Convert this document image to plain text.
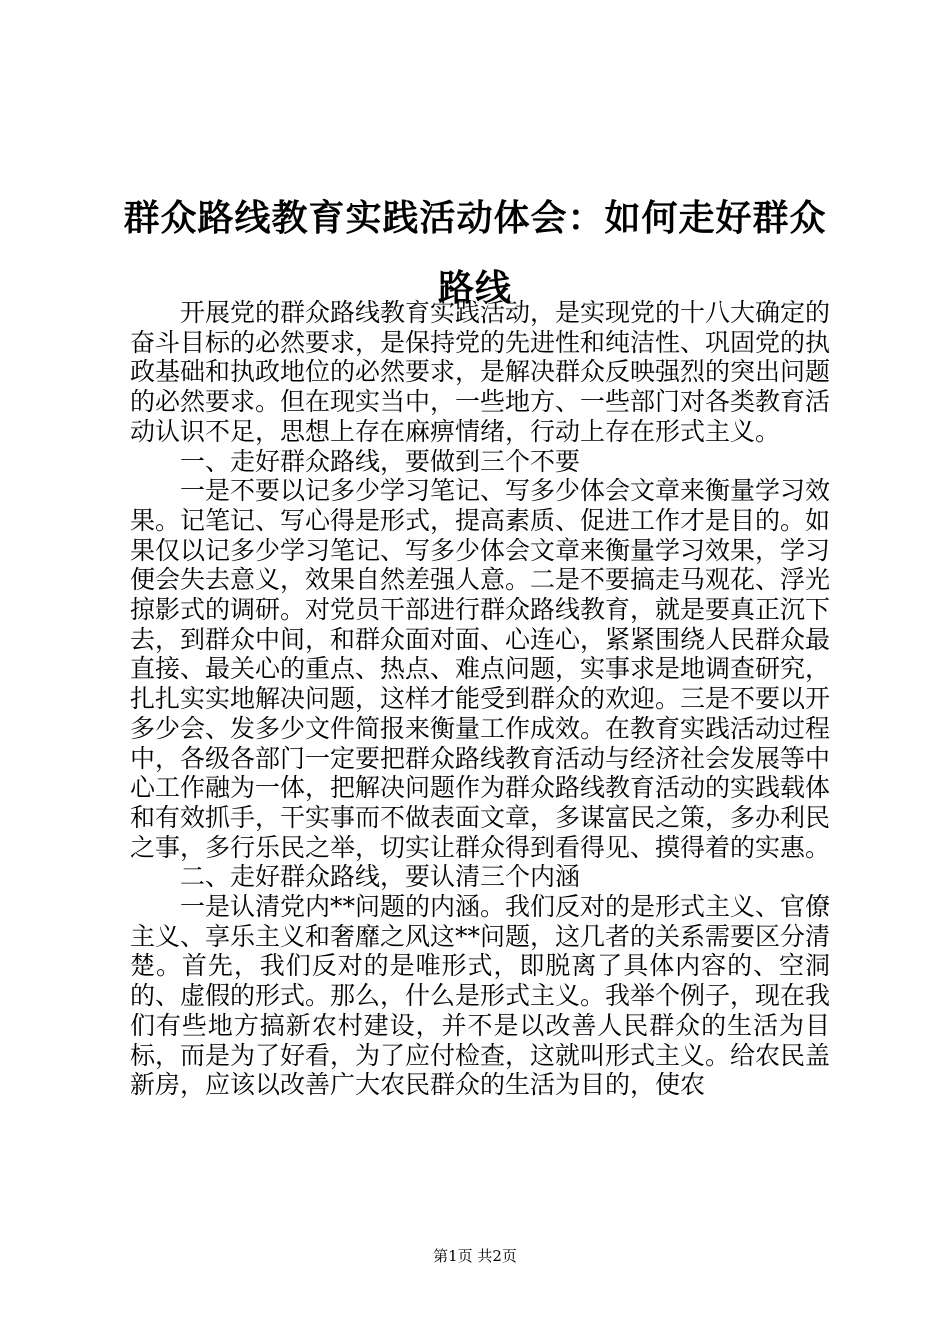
群众路线教育实践活动体会：如何走好群众路线

开展党的群众路线教育实践活动，是实现党的十八大确定的奋斗目标的必然要求，是保持党的先进性和纯洁性、巩固党的执政基础和执政地位的必然要求，是解决群众反映强烈的突出问题的必然要求。但在现实当中，一些地方、一些部门对各类教育活动认识不足，思想上存在麻痹情绪，行动上存在形式主义。

一、走好群众路线，要做到三个不要

一是不要以记多少学习笔记、写多少体会文章来衡量学习效果。记笔记、写心得是形式，提高素质、促进工作才是目的。如果仅以记多少学习笔记、写多少体会文章来衡量学习效果，学习便会失去意义，效果自然差强人意。二是不要搞走马观花、浮光掠影式的调研。对党员干部进行群众路线教育，就是要真正沉下去，到群众中间，和群众面对面、心连心，紧紧围绕人民群众最直接、最关心的重点、热点、难点问题，实事求是地调查研究，扎扎实实地解决问题，这样才能受到群众的欢迎。三是不要以开多少会、发多少文件简报来衡量工作成效。在教育实践活动过程中，各级各部门一定要把群众路线教育活动与经济社会发展等中心工作融为一体，把解决问题作为群众路线教育活动的实践载体和有效抓手，干实事而不做表面文章，多谋富民之策，多办利民之事，多行乐民之举，切实让群众得到看得见、摸得着的实惠。

二、走好群众路线，要认清三个内涵

一是认清党内**问题的内涵。我们反对的是形式主义、官僚主义、享乐主义和奢靡之风这**问题，这几者的关系需要区分清楚。首先，我们反对的是唯形式，即脱离了具体内容的、空洞的、虚假的形式。那么，什么是形式主义。我举个例子，现在我们有些地方搞新农村建设，并不是以改善人民群众的生活为目标，而是为了好看，为了应付检查，这就叫形式主义。给农民盖新房，应该以改善广大农民群众的生活为目的，使农

第1页 共2页
